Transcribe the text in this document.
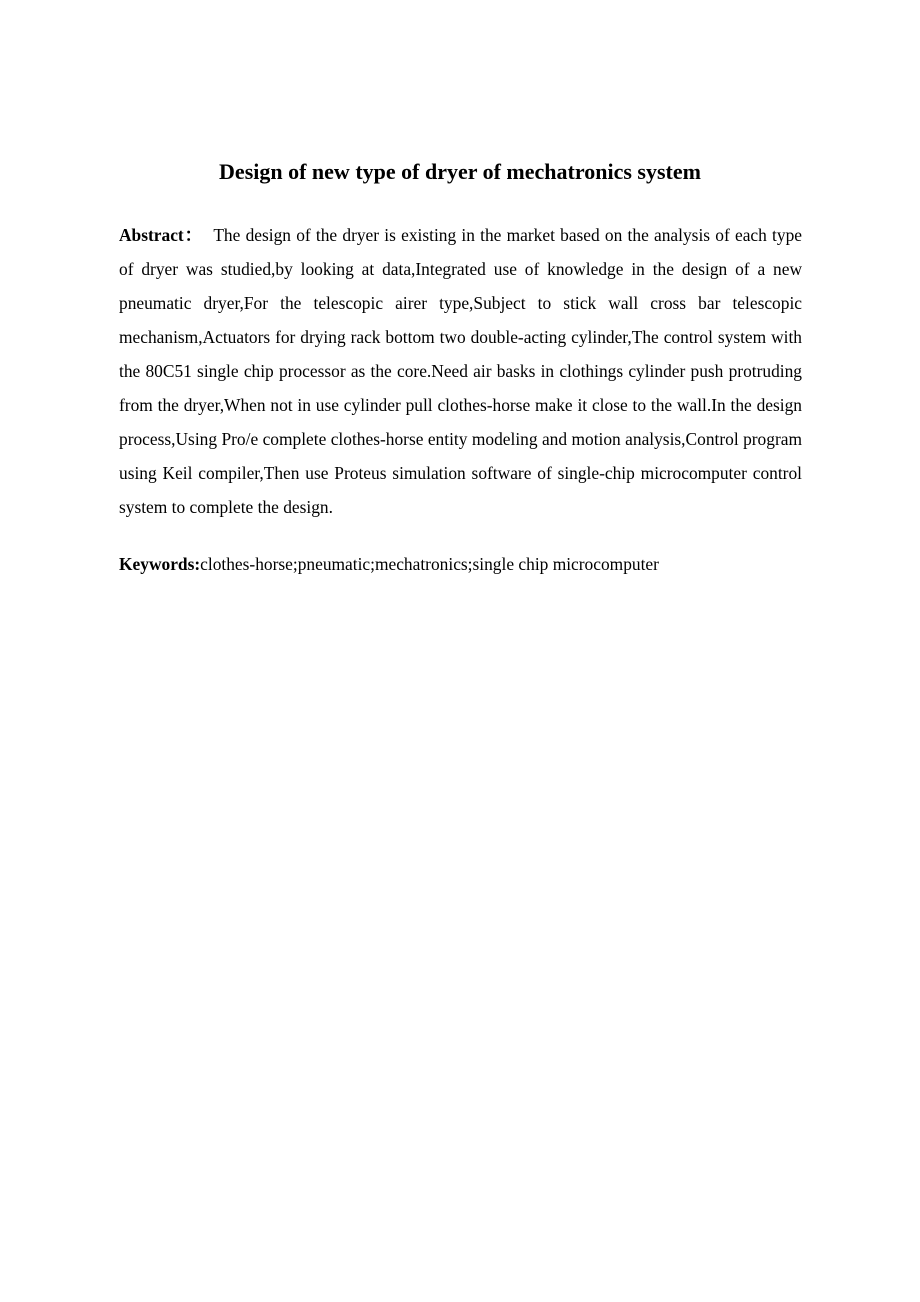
Design of new type of dryer of mechatronics system

Abstract： The design of the dryer is existing in the market based on the analysis of each type of dryer was studied,by looking at data,Integrated use of knowledge in the design of a new pneumatic dryer,For the telescopic airer type,Subject to stick wall cross bar telescopic mechanism,Actuators for drying rack bottom two double-acting cylinder,The control system with the 80C51 single chip processor as the core.Need air basks in clothings cylinder push protruding from the dryer,When not in use cylinder pull clothes-horse make it close to the wall.In the design process,Using Pro/e complete clothes-horse entity modeling and motion analysis,Control program using Keil compiler,Then use Proteus simulation software of single-chip microcomputer control system to complete the design.

Keywords:clothes-horse;pneumatic;mechatronics;single chip microcomputer
